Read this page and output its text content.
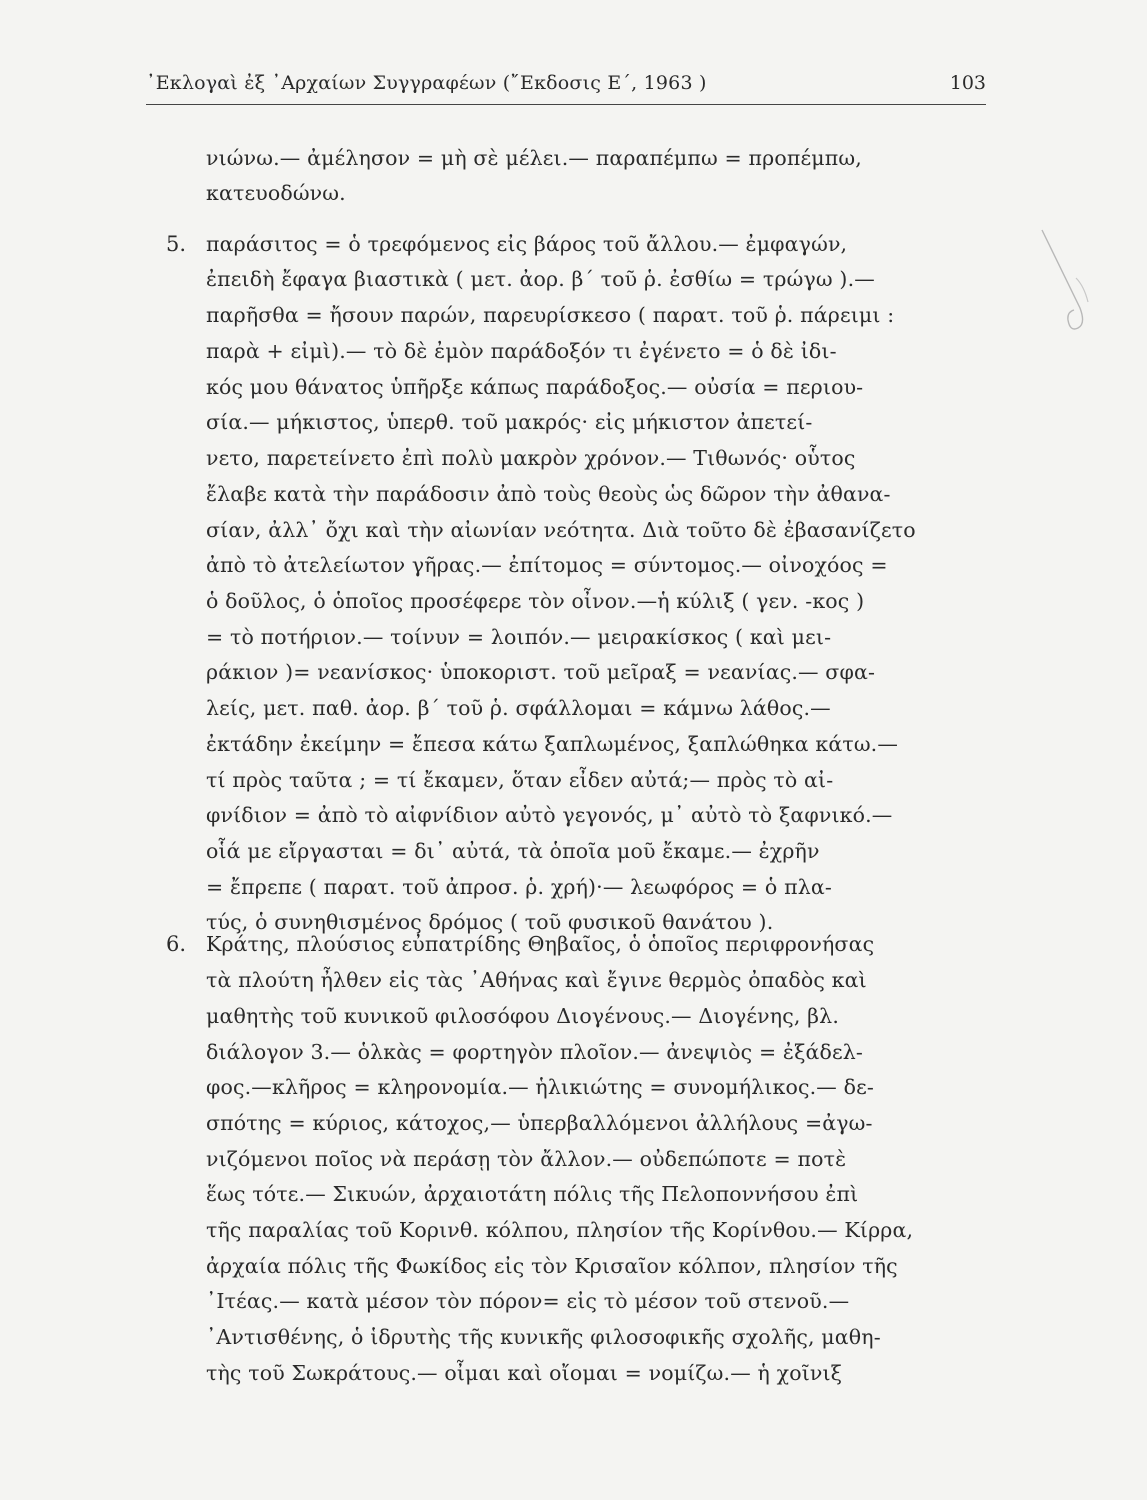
᾿Εκλογαὶ ἐξ ᾿Αρχαίων Συγγραφέων (῎Εκδοσις Ε΄, 1963 )	103
5.
6.
νιώνω.— ἀμέλησον = μὴ σὲ μέλει.— παραπέμπω = προπέμπω,
κατευοδώνω.
παράσιτος = ὁ τρεφόμενος εἰς βάρος τοῦ ἄλλου.— ἐμφαγών,
ἐπειδὴ ἔφαγα βιαστικὰ ( μετ. ἀορ. β΄ τοῦ ῥ. ἐσθίω = τρώγω ).—
παρῆσθα = ἤσουν παρών, παρευρίσκεσο ( παρατ. τοῦ ῥ. πάρειμι :
παρὰ + εἰμὶ).— τὸ δὲ ἐμὸν παράδοξόν τι ἐγένετο = ὁ δὲ ἰδι-
κός μου θάνατος ὑπῆρξε κάπως παράδοξος.— οὐσία = περιου-
σία.— μήκιστος, ὑπερθ. τοῦ μακρός· εἰς μήκιστον ἀπετεί-
νετο, παρετείνετο ἐπὶ πολὺ μακρὸν χρόνον.— Τιθωνός· οὗτος
ἔλαβε κατὰ τὴν παράδοσιν ἀπὸ τοὺς θεοὺς ὡς δῶρον τὴν ἀθανα-
σίαν, ἀλλ᾿ ὄχι καὶ τὴν αἰωνίαν νεότητα. Διὰ τοῦτο δὲ ἐβασανίζετο
ἀπὸ τὸ ἀτελείωτον γῆρας.— ἐπίτομος = σύντομος.— οἰνοχόος =
ὁ δοῦλος, ὁ ὁποῖος προσέφερε τὸν οἶνον.—ἡ κύλιξ ( γεν. -κος )
= τὸ ποτήριον.— τοίνυν = λοιπόν.— μειρακίσκος ( καὶ μει-
ράκιον )= νεανίσκος· ὑποκοριστ. τοῦ μεῖραξ = νεανίας.— σφα-
λείς, μετ. παθ. ἀορ. β΄ τοῦ ῥ. σφάλλομαι = κάμνω λάθος.—
ἐκτάδην ἐκείμην = ἔπεσα κάτω ξαπλωμένος, ξαπλώθηκα κάτω.—
τί πρὸς ταῦτα ; = τί ἔκαμεν, ὅταν εἶδεν αὐτά;— πρὸς τὸ αἰ-
φνίδιον = ἀπὸ τὸ αἰφνίδιον αὐτὸ γεγονός, μ᾿ αὐτὸ τὸ ξαφνικό.—
οἷά με εἴργασται = δι᾿ αὐτά, τὰ ὁποῖα μοῦ ἔκαμε.— ἐχρῆν
= ἔπρεπε ( παρατ. τοῦ ἀπροσ. ῥ. χρή)·— λεωφόρος = ὁ πλα-
τύς, ὁ συνηθισμένος δρόμος ( τοῦ φυσικοῦ θανάτου ).
Κράτης, πλούσιος εὐπατρίδης Θηβαῖος, ὁ ὁποῖος περιφρονήσας
τὰ πλούτη ἦλθεν εἰς τὰς ᾿Αθήνας καὶ ἔγινε θερμὸς ὀπαδὸς καὶ
μαθητὴς τοῦ κυνικοῦ φιλοσόφου Διογένους.— Διογένης, βλ.
διάλογον 3.— ὁλκὰς = φορτηγὸν πλοῖον.— ἀνεψιὸς = ἐξάδελ-
φος.—κλῆρος = κληρονομία.— ἡλικιώτης = συνομήλικος.— δε-
σπότης = κύριος, κάτοχος,— ὑπερβαλλόμενοι ἀλλήλους =ἀγω-
νιζόμενοι ποῖος νὰ περάσῃ τὸν ἄλλον.— οὐδεπώποτε = ποτὲ
ἕως τότε.— Σικυών, ἀρχαιοτάτη πόλις τῆς Πελοποννήσου ἐπὶ
τῆς παραλίας τοῦ Κορινθ. κόλπου, πλησίον τῆς Κορίνθου.— Κίρρα,
ἀρχαία πόλις τῆς Φωκίδος εἰς τὸν Κρισαῖον κόλπον, πλησίον τῆς
᾿Ιτέας.— κατὰ μέσον τὸν πόρον= εἰς τὸ μέσον τοῦ στενοῦ.—
᾿Αντισθένης, ὁ ἱδρυτὴς τῆς κυνικῆς φιλοσοφικῆς σχολῆς, μαθη-
τὴς τοῦ Σωκράτους.— οἶμαι καὶ οἴομαι = νομίζω.— ἡ χοῖνιξ
